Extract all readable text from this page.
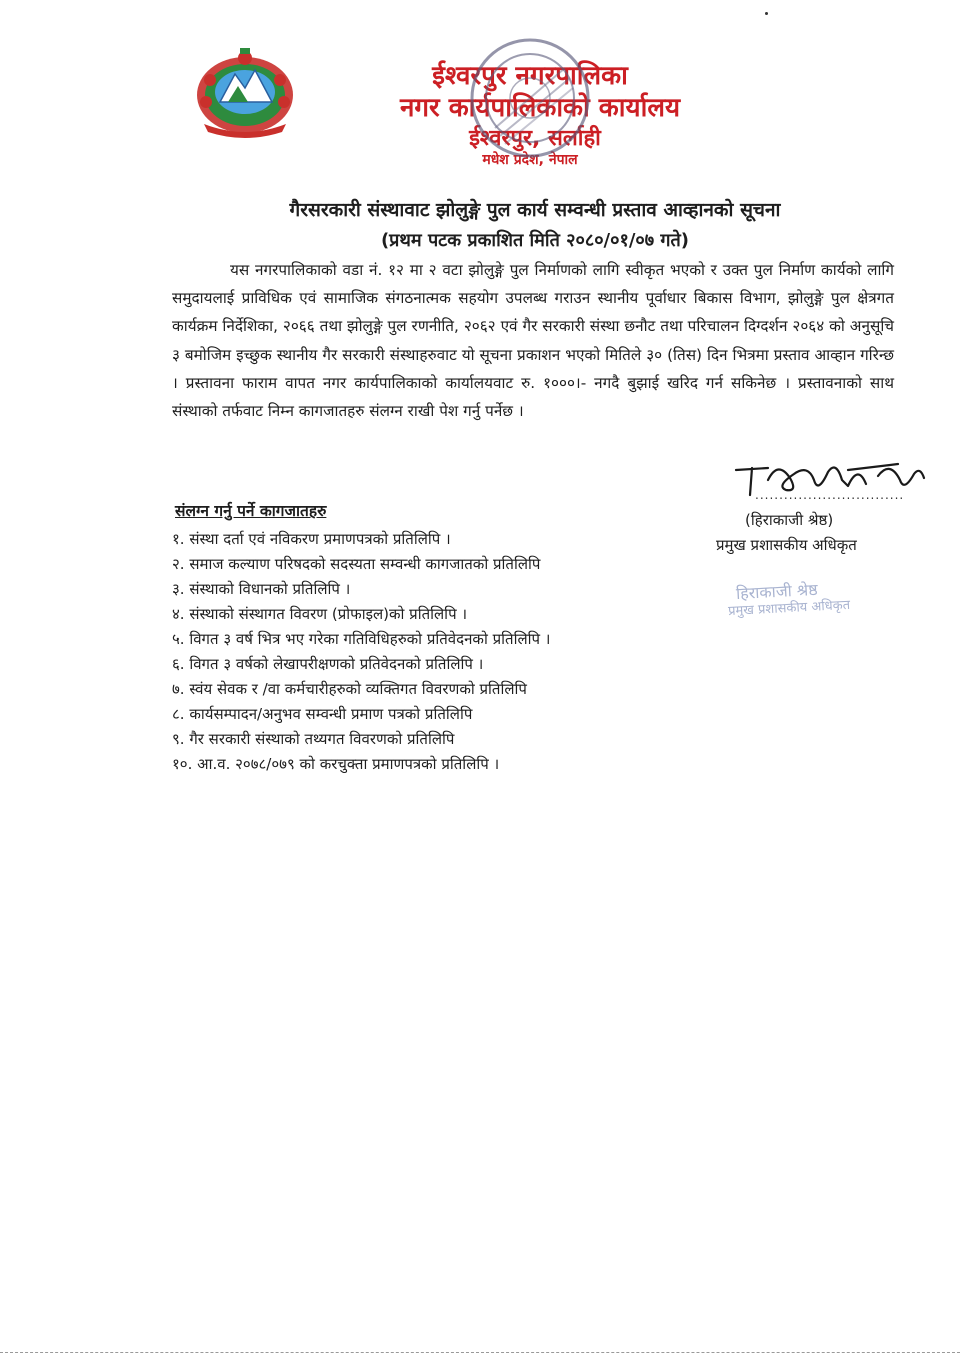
ईश्वरपुर नगरपालिका
नगर कार्यपालिकाको कार्यालय
ईश्वरपुर, सर्लाही
मधेश प्रदेश, नेपाल
गैरसरकारी संस्थावाट झोलुङ्गे पुल कार्य सम्वन्धी प्रस्ताव आव्हानको सूचना
(प्रथम पटक प्रकाशित मिति २०८०/०१/०७ गते)
यस नगरपालिकाको वडा नं. १२ मा २ वटा झोलुङ्गे पुल निर्माणको लागि स्वीकृत भएको र उक्त पुल निर्माण कार्यको लागि समुदायलाई प्राविधिक एवं सामाजिक संगठनात्मक सहयोग उपलब्ध गराउन स्थानीय पूर्वाधार बिकास विभाग, झोलुङ्गे पुल क्षेत्रगत कार्यक्रम निर्देशिका, २०६६ तथा झोलुङ्गे पुल रणनीति, २०६२ एवं गैर सरकारी संस्था छनौट तथा परिचालन दिग्दर्शन २०६४ को अनुसूचि ३ बमोजिम इच्छुक स्थानीय गैर सरकारी संस्थाहरुवाट यो सूचना प्रकाशन भएको मितिले ३० (तिस) दिन भित्रमा प्रस्ताव आव्हान गरिन्छ । प्रस्तावना फाराम वापत नगर कार्यपालिकाको कार्यालयवाट रु. १०००।- नगदै बुझाई खरिद गर्न सकिनेछ । प्रस्तावनाको साथ संस्थाको तर्फवाट निम्न कागजातहरु संलग्न राखी पेश गर्नु पर्नेछ ।
संलग्न गर्नु पर्ने कागजातहरु
१. संस्था दर्ता एवं नविकरण प्रमाणपत्रको प्रतिलिपि ।
२. समाज कल्याण परिषदको सदस्यता सम्वन्धी कागजातको प्रतिलिपि
३. संस्थाको विधानको प्रतिलिपि ।
४. संस्थाको संस्थागत विवरण (प्रोफाइल)को प्रतिलिपि ।
५. विगत ३ वर्ष भित्र भए गरेका गतिविधिहरुको प्रतिवेदनको प्रतिलिपि ।
६. विगत ३ वर्षको लेखापरीक्षणको प्रतिवेदनको प्रतिलिपि ।
७. स्वंय सेवक र /वा कर्मचारीहरुको व्यक्तिगत विवरणको प्रतिलिपि
८. कार्यसम्पादन/अनुभव सम्वन्धी प्रमाण पत्रको प्रतिलिपि
९. गैर सरकारी संस्थाको तथ्यगत विवरणको प्रतिलिपि
१०. आ.व. २०७८/०७९ को करचुक्ता प्रमाणपत्रको प्रतिलिपि ।
...............................
(हिराकाजी श्रेष्ठ)
प्रमुख प्रशासकीय अधिकृत
हिराकाजी श्रेष्ठ
प्रमुख प्रशासकीय अधिकृत
